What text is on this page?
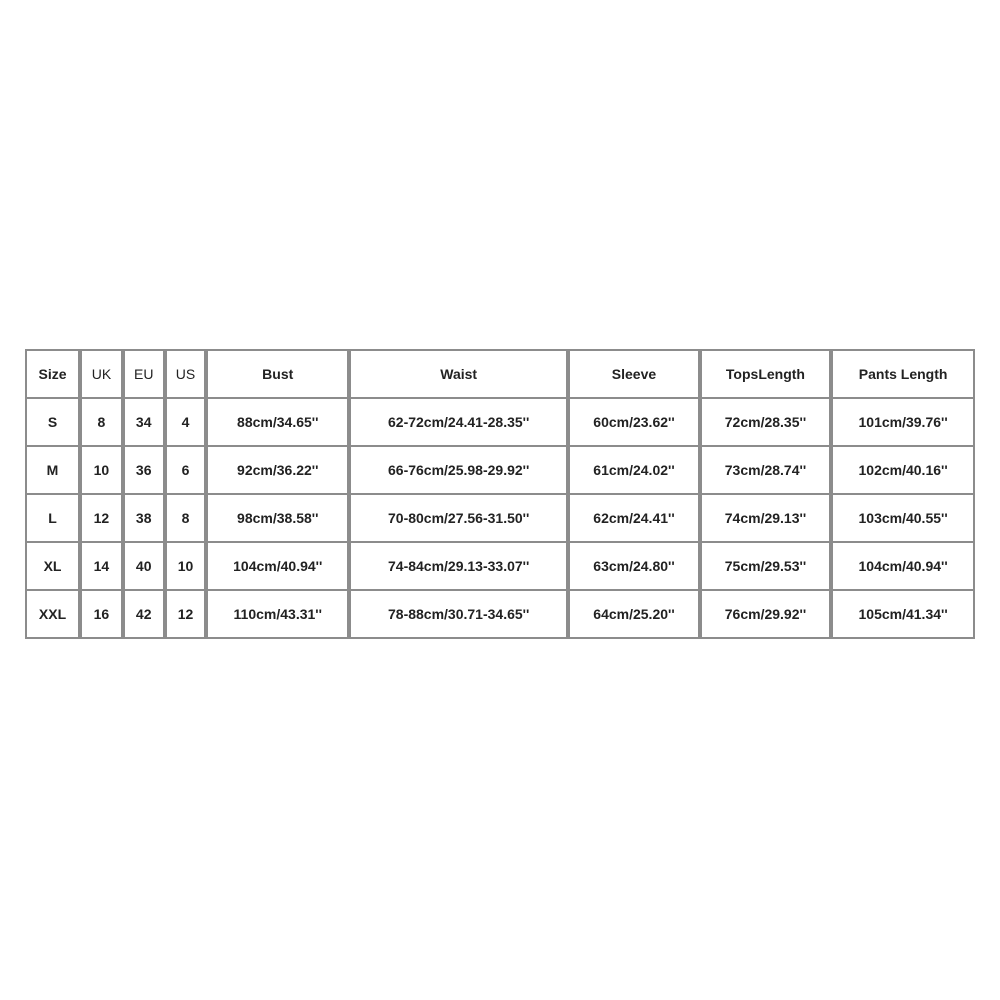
Size	UK	EU	US	Bust	Waist	Sleeve	TopsLength	Pants Length
S	8	34	4	88cm/34.65''	62-72cm/24.41-28.35''	60cm/23.62''	72cm/28.35''	101cm/39.76''
M	10	36	6	92cm/36.22''	66-76cm/25.98-29.92''	61cm/24.02''	73cm/28.74''	102cm/40.16''
L	12	38	8	98cm/38.58''	70-80cm/27.56-31.50''	62cm/24.41''	74cm/29.13''	103cm/40.55''
XL	14	40	10	104cm/40.94''	74-84cm/29.13-33.07''	63cm/24.80''	75cm/29.53''	104cm/40.94''
XXL	16	42	12	110cm/43.31''	78-88cm/30.71-34.65''	64cm/25.20''	76cm/29.92''	105cm/41.34''
